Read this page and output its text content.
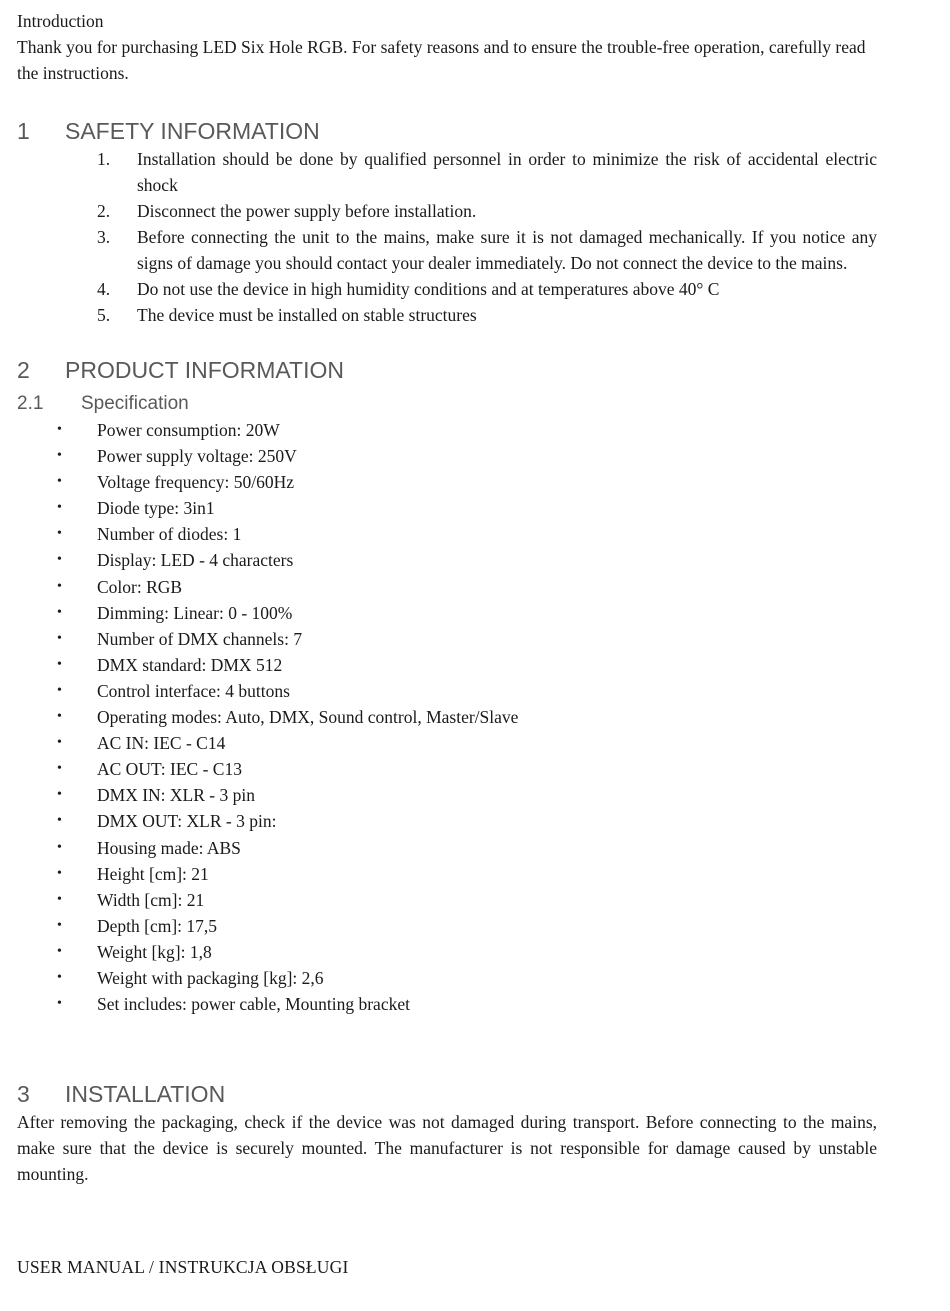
Introduction

Thank you for purchasing LED Six Hole RGB. For safety reasons and to ensure the trouble-free operation, carefully read the instructions.

1	SAFETY INFORMATION
1.	Installation should be done by qualified personnel in order to minimize the risk of accidental electric shock
2.	Disconnect the power supply before installation.
3.	Before connecting the unit to the mains, make sure it is not damaged mechanically. If you notice any signs of damage you should contact your dealer immediately. Do not connect the device to the mains.
4.	Do not use the device in high humidity conditions and at temperatures above 40° C
5.	The device must be installed on stable structures
2	PRODUCT INFORMATION
2.1	Specification
•	Power consumption: 20W
•	Power supply voltage: 250V
•	Voltage frequency: 50/60Hz
•	Diode type: 3in1
•	Number of diodes: 1
•	Display: LED - 4 characters
•	Color: RGB
•	Dimming: Linear: 0 - 100%
•	Number of DMX channels: 7
•	DMX standard: DMX 512
•	Control interface: 4 buttons
•	Operating modes: Auto, DMX, Sound control, Master/Slave
•	AC IN: IEC - C14
•	AC OUT: IEC - C13
•	DMX IN: XLR - 3 pin
•	DMX OUT: XLR - 3 pin:
•	Housing made: ABS
•	Height [cm]: 21
•	Width [cm]: 21
•	Depth [cm]: 17,5
•	Weight [kg]: 1,8
•	Weight with packaging [kg]: 2,6
•	Set includes: power cable, Mounting bracket
3	INSTALLATION

After removing the packaging, check if the device was not damaged during transport. Before connecting to the mains, make sure that the device is securely mounted. The manufacturer is not responsible for damage caused by unstable mounting.

USER MANUAL / INSTRUKCJA OBSŁUGI
